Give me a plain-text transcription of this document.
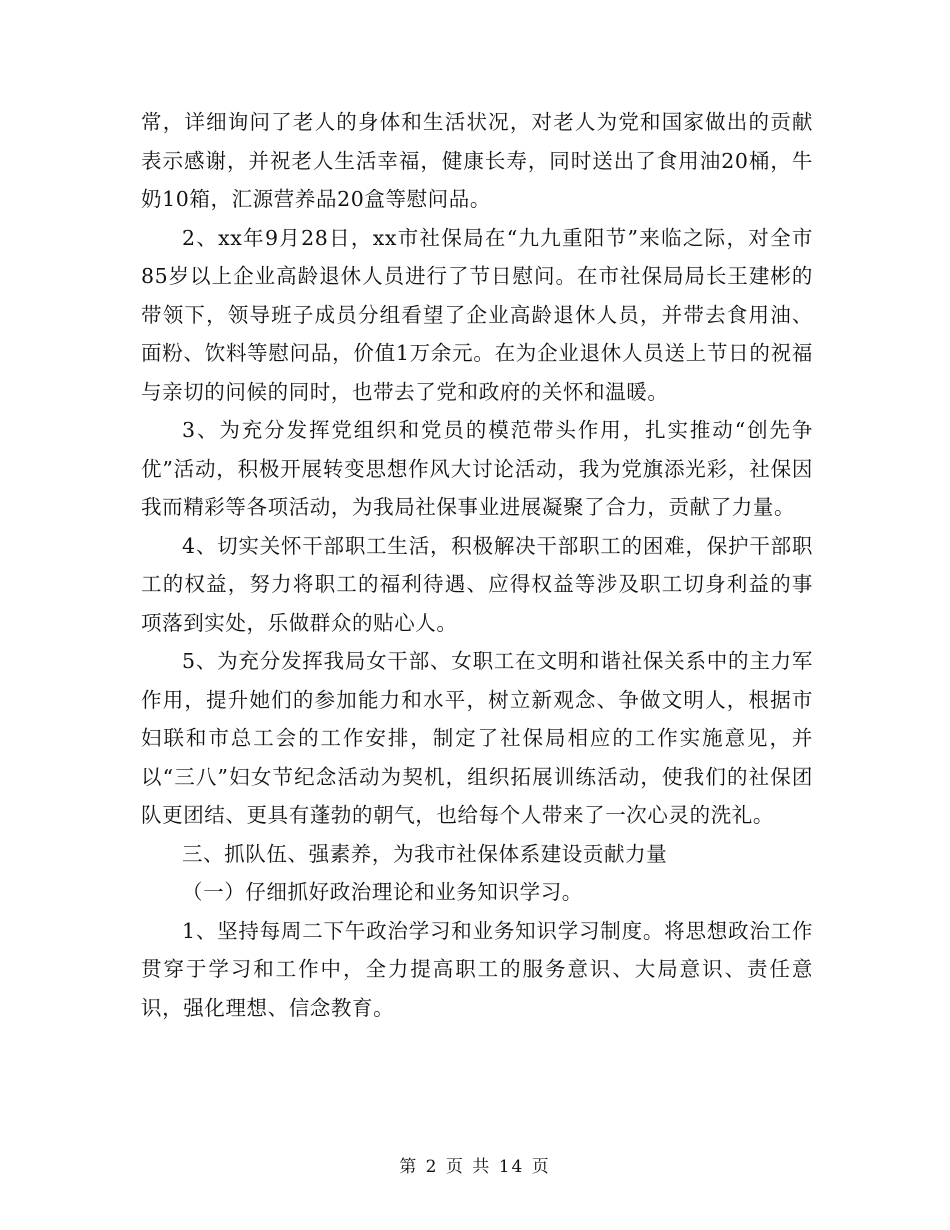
常，详细询问了老人的身体和生活状况，对老人为党和国家做出的贡献表示感谢，并祝老人生活幸福，健康长寿，同时送出了食用油20桶，牛奶10箱，汇源营养品20盒等慰问品。

2、xx年9月28日，xx市社保局在“九九重阳节”来临之际，对全市85岁以上企业高龄退休人员进行了节日慰问。在市社保局局长王建彬的带领下，领导班子成员分组看望了企业高龄退休人员，并带去食用油、面粉、饮料等慰问品，价值1万余元。在为企业退休人员送上节日的祝福与亲切的问候的同时，也带去了党和政府的关怀和温暖。

3、为充分发挥党组织和党员的模范带头作用，扎实推动“创先争优”活动，积极开展转变思想作风大讨论活动，我为党旗添光彩，社保因我而精彩等各项活动，为我局社保事业进展凝聚了合力，贡献了力量。

4、切实关怀干部职工生活，积极解决干部职工的困难，保护干部职工的权益，努力将职工的福利待遇、应得权益等涉及职工切身利益的事项落到实处，乐做群众的贴心人。

5、为充分发挥我局女干部、女职工在文明和谐社保关系中的主力军作用，提升她们的参加能力和水平，树立新观念、争做文明人，根据市妇联和市总工会的工作安排，制定了社保局相应的工作实施意见，并以“三八”妇女节纪念活动为契机，组织拓展训练活动，使我们的社保团队更团结、更具有蓬勃的朝气，也给每个人带来了一次心灵的洗礼。

三、抓队伍、强素养，为我市社保体系建设贡献力量

（一）仔细抓好政治理论和业务知识学习。

1、坚持每周二下午政治学习和业务知识学习制度。将思想政治工作贯穿于学习和工作中，全力提高职工的服务意识、大局意识、责任意识，强化理想、信念教育。

第 2 页 共 14 页
